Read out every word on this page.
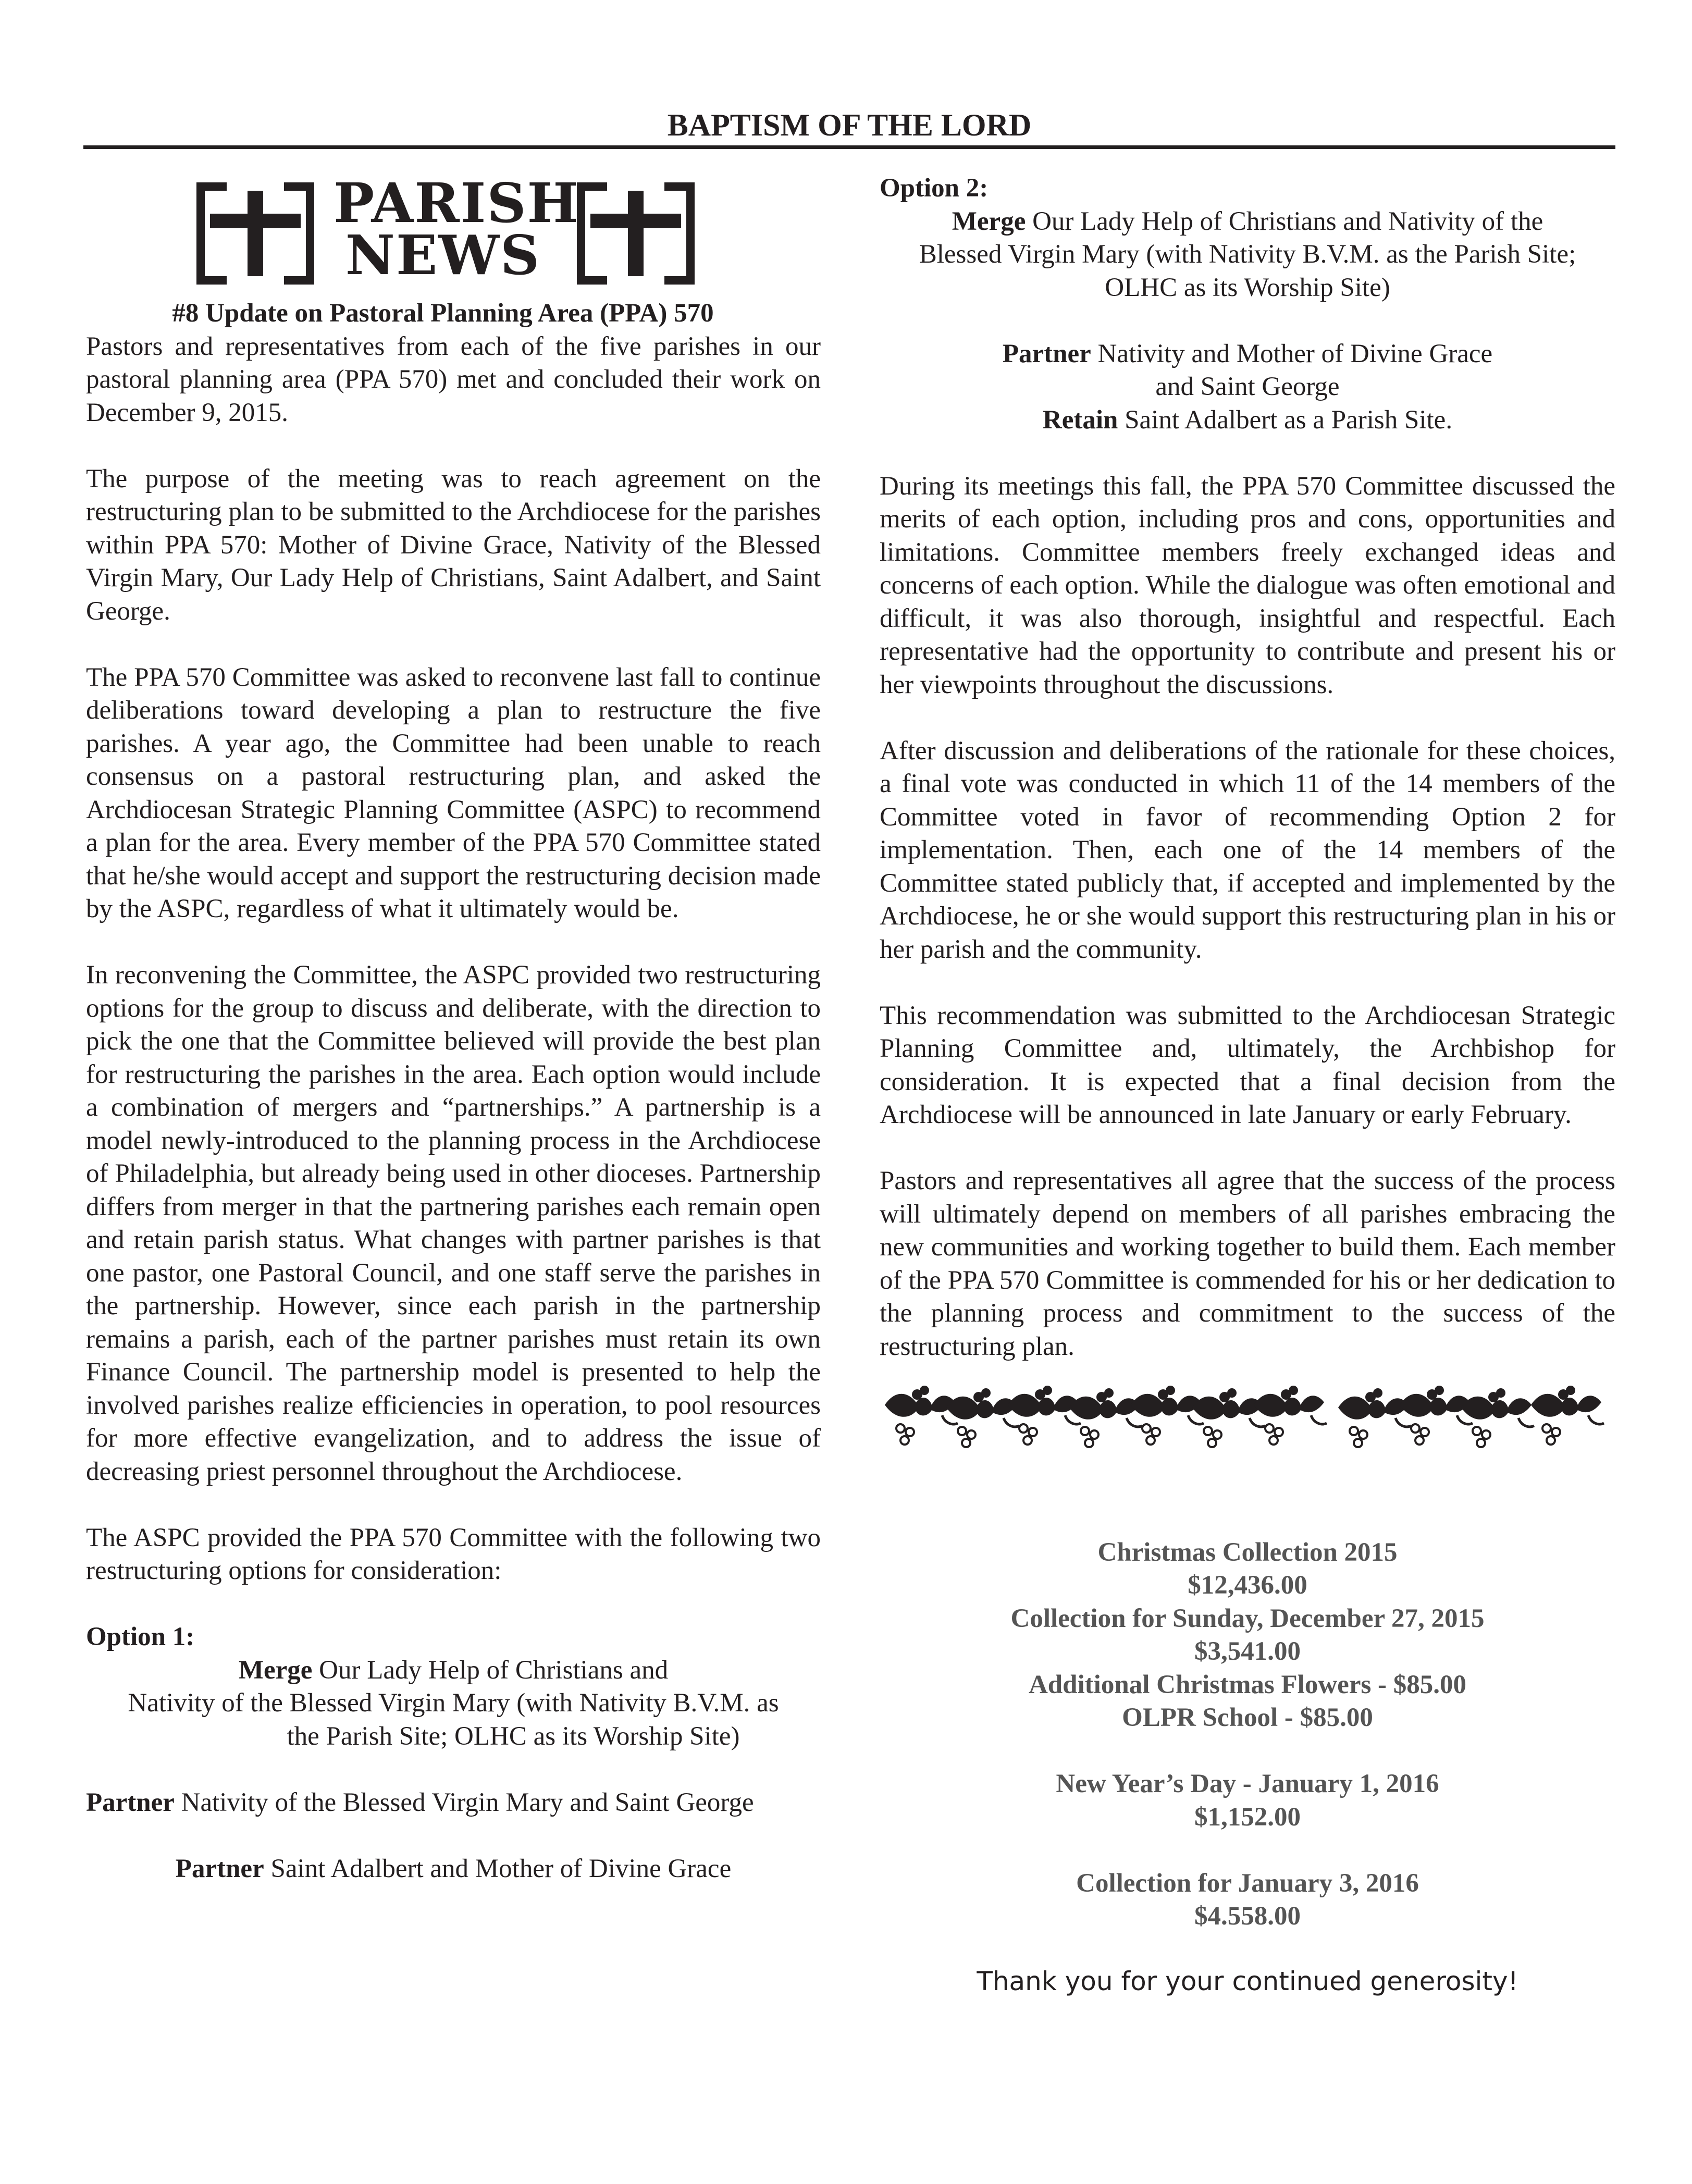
BAPTISM OF THE LORD
PARISH
NEWS
#8 Update on Pastoral Planning Area (PPA) 570

Pastors and representatives from each of the five parishes in our pastoral planning area (PPA 570) met and concluded their work on December 9, 2015.

The purpose of the meeting was to reach agreement on the restructuring plan to be submitted to the Archdiocese for the parishes within PPA 570: Mother of Divine Grace, Nativity of the Blessed Virgin Mary, Our Lady Help of Christians, Saint Adalbert, and Saint George.

The PPA 570 Committee was asked to reconvene last fall to continue deliberations toward developing a plan to restructure the five parishes. A year ago, the Committee had been unable to reach consensus on a pastoral restructuring plan, and asked the Archdiocesan Strategic Planning Committee (ASPC) to recommend a plan for the area. Every member of the PPA 570 Committee stated that he/she would accept and support the restructuring decision made by the ASPC, regardless of what it ultimately would be.

In reconvening the Committee, the ASPC provided two restructuring options for the group to discuss and deliberate, with the direction to pick the one that the Committee believed will provide the best plan for restructuring the parishes in the area. Each option would include a combination of mergers and “partnerships.” A partnership is a model newly-introduced to the planning process in the Archdiocese of Philadelphia, but already being used in other dioceses. Partnership differs from merger in that the partnering parishes each remain open and retain parish status. What changes with partner parishes is that one pastor, one Pastoral Council, and one staff serve the parishes in the partnership. However, since each parish in the partnership remains a parish, each of the partner parishes must retain its own Finance Council. The partnership model is presented to help the involved parishes realize efficiencies in operation, to pool resources for more effective evangelization, and to address the issue of decreasing priest personnel throughout the Archdiocese.

The ASPC provided the PPA 570 Committee with the following two restructuring options for consideration:

Option 1:
Merge Our Lady Help of Christians and
Nativity of the Blessed Virgin Mary (with Nativity B.V.M. as
the Parish Site; OLHC as its Worship Site)
Partner Nativity of the Blessed Virgin Mary and Saint George
Partner Saint Adalbert and Mother of Divine Grace
Option 2:
Merge Our Lady Help of Christians and Nativity of the
Blessed Virgin Mary (with Nativity B.V.M. as the Parish Site;
OLHC as its Worship Site)
Partner Nativity and Mother of Divine Grace
and Saint George
Retain Saint Adalbert as a Parish Site.

During its meetings this fall, the PPA 570 Committee discussed the merits of each option, including pros and cons, opportunities and limitations. Committee members freely exchanged ideas and concerns of each option. While the dialogue was often emotional and difficult, it was also thorough, insightful and respectful. Each representative had the opportunity to contribute and present his or her viewpoints throughout the discussions.

After discussion and deliberations of the rationale for these choices, a final vote was conducted in which 11 of the 14 members of the Committee voted in favor of recommending Option 2 for implementation. Then, each one of the 14 members of the Committee stated publicly that, if accepted and implemented by the Archdiocese, he or she would support this restructuring plan in his or her parish and the community.

This recommendation was submitted to the Archdiocesan Strategic Planning Committee and, ultimately, the Archbishop for consideration. It is expected that a final decision from the Archdiocese will be announced in late January or early February.

Pastors and representatives all agree that the success of the process will ultimately depend on members of all parishes embracing the new communities and working together to build them. Each member of the PPA 570 Committee is commended for his or her dedication to the planning process and commitment to the success of the restructuring plan.

Christmas Collection 2015
$12,436.00
Collection for Sunday, December 27, 2015
$3,541.00
Additional Christmas Flowers - $85.00
OLPR School - $85.00
New Year’s Day - January 1, 2016
$1,152.00
Collection for January 3, 2016
$4.558.00
Thank you for your continued generosity!
